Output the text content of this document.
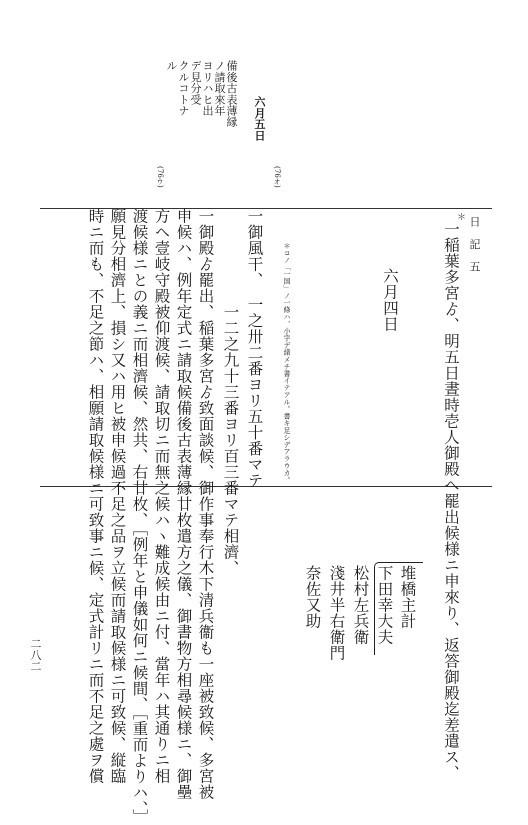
日　記　五
二八二
＊
一稲葉多宮ゟ、明五日晝時壱人御殿へ罷出候様ニ申來り、返答御殿迄差遣ス、
六月四日
堆橋主計
下田幸大夫
松村左兵衛
淺井半右衛門
奈佐又助
六月五日
備後古表薄縁
ノ請取來年
ヨリハヒ出
デ見分受
クルコトナ
ル
(76ウ)	(76オ)
＊コノ「一国」ノ一條ハ、小字デ諸メチ書イテアル。書キ足シデアラウカ。
一御風干、　一之卅二番ヨリ五十番マテ
　　　　　　一二之九十三番ヨリ百三番マテ相濟、
一御殿ゟ罷出、稲葉多宮ゟ致面談候、御作事奉行木下清兵衞も一座被致候、多宮被
申候ハ、例年定式ニ請取候備後古表薄縁廿枚遣方之儀、御書物方相尋候様ニ、御壘
方ヘ壹岐守殿被仰渡候、請取切ニ而無之候ハヽ難成候由ニ付、當年ハ其通りニ相
渡候様ニとの義ニ而相濟候、然共、右廿枚、［例年と申儀如何ニ候間、［重而よりハ、］
願見分相濟上、損シ又ハ用ヒ被申候過不足之品ヲ立候而請取候様ニ可致候、縦臨
時ニ而も、不足之節ハ、相願請取候様ニ可致事ニ候、定式計リニ而不足之處ヲ償
